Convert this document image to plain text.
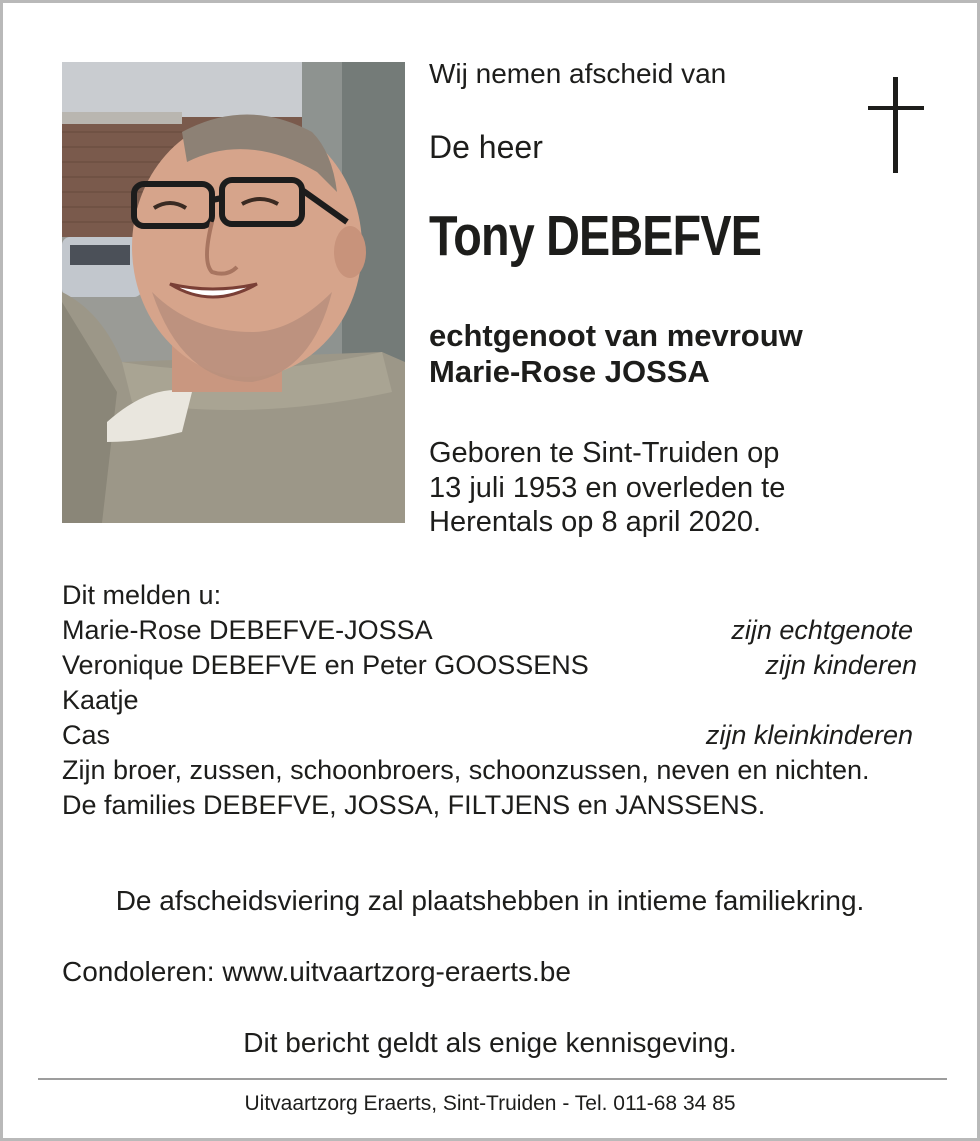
Wij nemen afscheid van

De heer

Tony DEBEFVE

echtgenoot van mevrouw
Marie-Rose JOSSA

Geboren te Sint-Truiden op
13 juli 1953 en overleden te
Herentals op 8 april 2020.

Dit melden u:
Marie-Rose DEBEFVE-JOSSA	zijn echtgenote
Veronique DEBEFVE en Peter GOOSSENS	zijn kinderen
Kaatje
Cas	zijn kleinkinderen
Zijn broer, zussen, schoonbroers, schoonzussen, neven en nichten.
De families DEBEFVE, JOSSA, FILTJENS en JANSSENS.

De afscheidsviering zal plaatshebben in intieme familiekring.

Condoleren: www.uitvaartzorg-eraerts.be

Dit bericht geldt als enige kennisgeving.

Uitvaartzorg Eraerts, Sint-Truiden - Tel. 011-68 34 85
